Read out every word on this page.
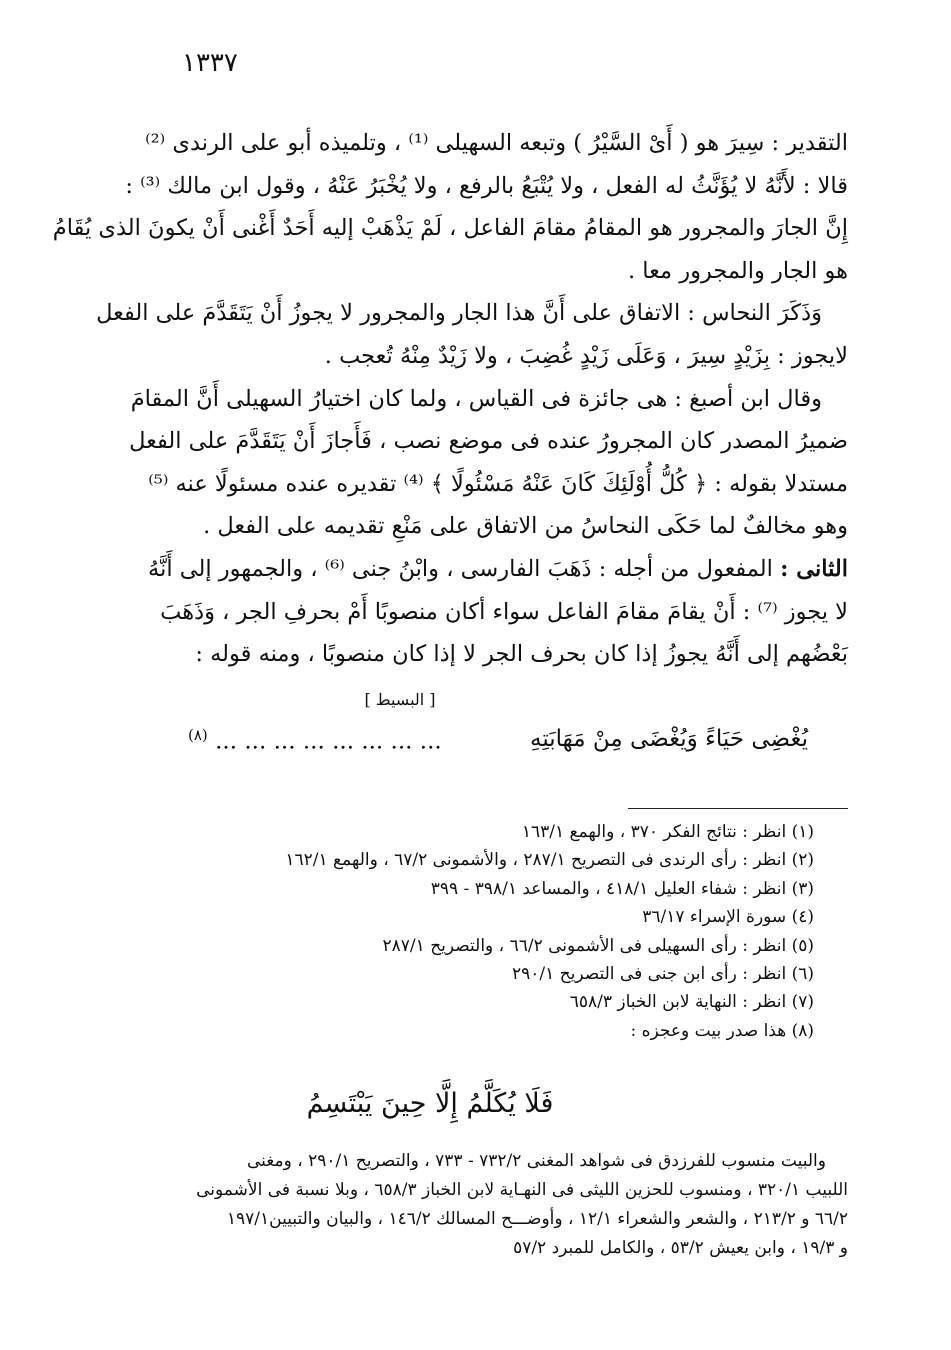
١٣٣٧
التقدير : سِيرَ هو ( أَىْ السَّيْرُ ) وتبعه السهيلى ⁽¹⁾ ، وتلميذه أبو على الرندى ⁽²⁾
قالا : لأَنَّهُ لا يُؤَنَّثُ له الفعل ، ولا يُتْبَعُ بالرفع ، ولا يُخْبَرُ عَنْهُ ، وقول ابن مالك ⁽³⁾ :
إِنَّ الجارَ والمجرور هو المقامُ مقامَ الفاعل ، لَمْ يَذْهَبْ إليه أَحَدٌ أَغْنى أَنْ يكونَ الذى يُقَامُ
هو الجار والمجرور معا .
وَذَكَرَ النحاس : الاتفاق على أَنَّ هذا الجار والمجرور لا يجوزُ أَنْ يَتَقَدَّمَ على الفعل
لايجوز : بِزَيْدٍ سِيرَ ، وَعَلَى زَيْدٍ غُضِبَ ، ولا زَيْدٌ مِنْهُ تُعجب .
وقال ابن أصبغ : هى جائزة فى القياس ، ولما كان اختيارُ السهيلى أَنَّ المقامَ
ضميرُ المصدر كان المجرورُ عنده فى موضع نصب ، فَأَجازَ أَنْ يَتَقَدَّمَ على الفعل
مستدلا بقوله : ﴿ كُلُّ أُوْلَئِكَ كَانَ عَنْهُ مَسْئُولًا ﴾ ⁽⁴⁾ تقديره عنده مسئولًا عنه ⁽⁵⁾
وهو مخالفٌ لما حَكَى النحاسُ من الاتفاق على مَنْعِ تقديمه على الفعل .
الثانى : المفعول من أجله : ذَهَبَ الفارسى ، وابْنُ جنى ⁽⁶⁾ ، والجمهور إلى أَنَّهُ
لا يجوز ⁽⁷⁾ : أَنْ يقامَ مقامَ الفاعل سواء أكان منصوبًا أَمْ بحرفِ الجر ، وَذَهَبَ
بَعْضُهم إلى أَنَّهُ يجوزُ إذا كان بحرف الجر لا إذا كان منصوبًا ، ومنه قوله :
[ البسيط ]
يُغْضِى حَيَاءً وَيُغْضَى مِنْ مَهَابَتِهِ
$^{(٨)}$ ... ... ... ... ... ... ... ...
(١) انظر : نتائج الفكر ٣٧٠ ، والهمع ١٦٣/١
(٢) انظر : رأى الرندى فى التصريح ٢٨٧/١ ، والأشمونى ٦٧/٢ ، والهمع ١٦٢/١
(٣) انظر : شفاء العليل ٤١٨/١ ، والمساعد ٣٩٨/١ - ٣٩٩
(٤) سورة الإسراء ٣٦/١٧
(٥) انظر : رأى السهيلى فى الأشمونى ٦٦/٢ ، والتصريح ٢٨٧/١
(٦) انظر : رأى ابن جنى فى التصريح ٢٩٠/١
(٧) انظر : النهاية لابن الخباز ٦٥٨/٣
(٨) هذا صدر بيت وعجزه :
فَلَا يُكَلَّمُ إِلَّا حِينَ يَبْتَسِمُ
والبيت منسوب للفرزدق فى شواهد المغنى ٧٣٢/٢ - ٧٣٣ ، والتصريح ٢٩٠/١ ، ومغنى
اللبيب ٣٢٠/١ ، ومنسوب للحزين الليثى فى النهـاية لابن الخباز ٦٥٨/٣ ، وبلا نسبة فى الأشمونى
٦٦/٢ و ٢١٣/٢ ، والشعر والشعراء ١٢/١ ، وأوضـــح المسالك ١٤٦/٢ ، والبيان والتبيين١٩٧/١
و ١٩/٣ ، وابن يعيش ٥٣/٢ ، والكامل للمبرد ٥٧/٢
